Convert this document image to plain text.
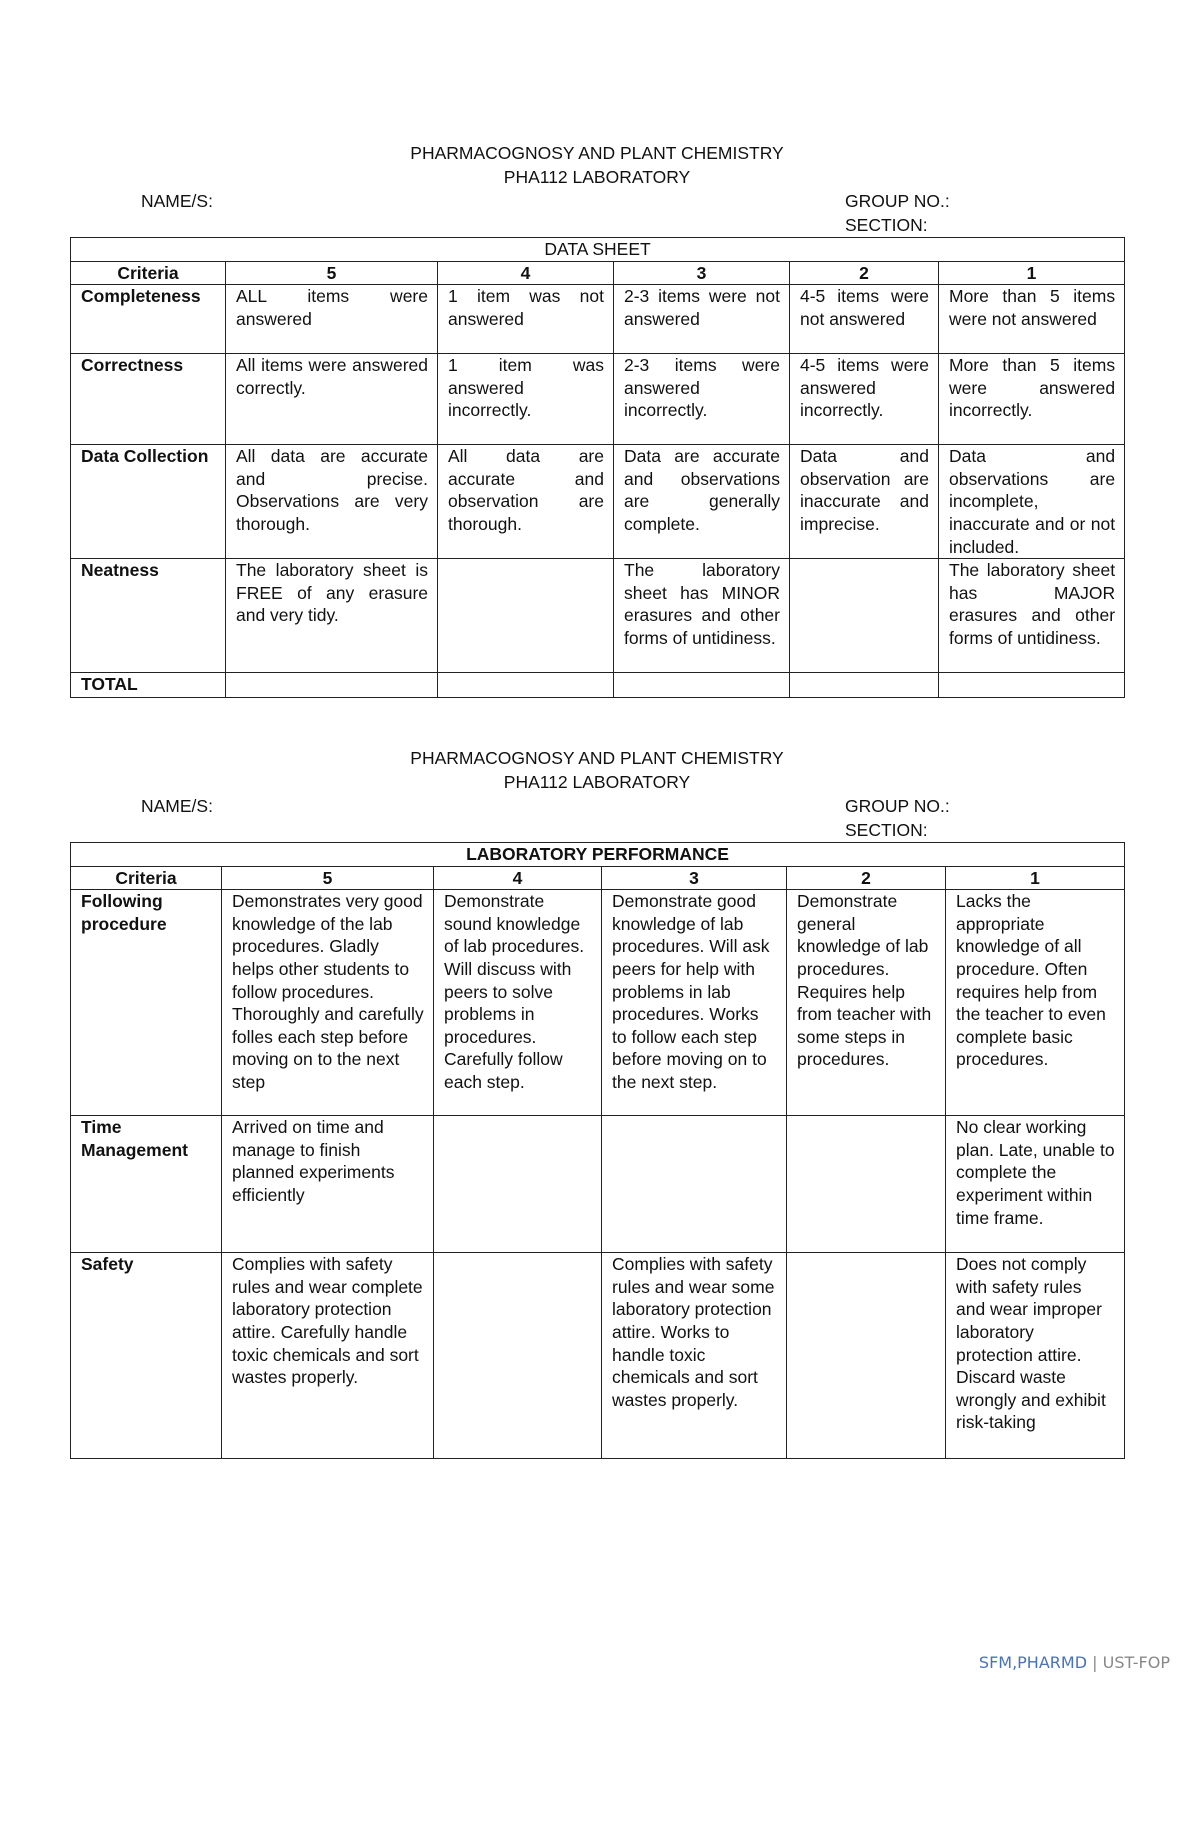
PHARMACOGNOSY AND PLANT CHEMISTRY
PHA112 LABORATORY
NAME/S:	GROUP NO.:
SECTION:
DATA SHEET					
Criteria	5	4	3	2	1
Completeness	ALL items were answered	1 item was not answered	2-3 items were not answered	4-5 items were not answered	More than 5 items were not answered
Correctness	All items were answered correctly.	1 item was answered incorrectly.	2-3 items were answered incorrectly.	4-5 items were answered incorrectly.	More than 5 items were answered incorrectly.
Data Collection	All data are accurate and precise. Observations are very thorough.	All data are accurate and observation are thorough.	Data are accurate and observations are generally complete.	Data and observation are inaccurate and imprecise.	Data and observations are incomplete, inaccurate and or not included.
Neatness	The laboratory sheet is FREE of any erasure and very tidy.		The laboratory sheet has MINOR erasures and other forms of untidiness.		The laboratory sheet has MAJOR erasures and other forms of untidiness.
TOTAL					
PHARMACOGNOSY AND PLANT CHEMISTRY
PHA112 LABORATORY
NAME/S:	GROUP NO.:
SECTION:
LABORATORY PERFORMANCE					
Criteria	5	4	3	2	1
Following procedure	Demonstrates very good knowledge of the lab procedures. Gladly helps other students to follow procedures. Thoroughly and carefully folles each step before moving on to the next step	Demonstrate sound knowledge of lab procedures. Will discuss with peers to solve problems in procedures. Carefully follow each step.	Demonstrate good knowledge of lab procedures. Will ask peers for help with problems in lab procedures. Works to follow each step before moving on to the next step.	Demonstrate general knowledge of lab procedures. Requires help from teacher with some steps in procedures.	Lacks the appropriate knowledge of all procedure. Often requires help from the teacher to even complete basic procedures.
Time Management	Arrived on time and manage to finish planned experiments efficiently				No clear working plan. Late, unable to complete the experiment within time frame.
Safety	Complies with safety rules and wear complete laboratory protection attire. Carefully handle toxic chemicals and sort wastes properly.		Complies with safety rules and wear some laboratory protection attire. Works to handle toxic chemicals and sort wastes properly.		Does not comply with safety rules and wear improper laboratory protection attire. Discard waste wrongly and exhibit risk-taking
SFM,PHARMD | UST-FOP
